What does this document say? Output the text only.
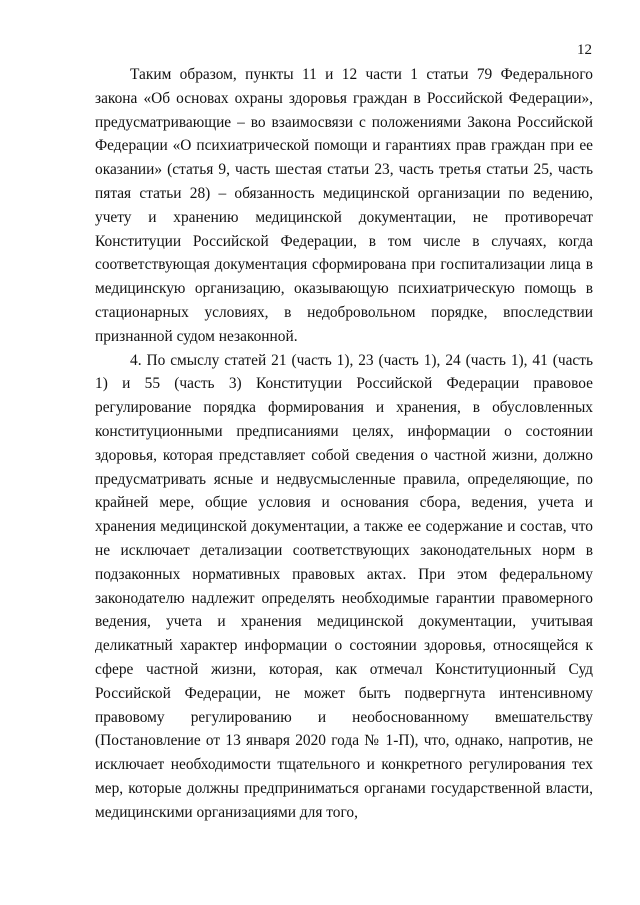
12

Таким образом, пункты 11 и 12 части 1 статьи 79 Федерального закона «Об основах охраны здоровья граждан в Российской Федерации», предусматривающие – во взаимосвязи с положениями Закона Российской Федерации «О психиатрической помощи и гарантиях прав граждан при ее оказании» (статья 9, часть шестая статьи 23, часть третья статьи 25, часть пятая статьи 28) – обязанность медицинской организации по ведению, учету и хранению медицинской документации, не противоречат Конституции Российской Федерации, в том числе в случаях, когда соответствующая документация сформирована при госпитализации лица в медицинскую организацию, оказывающую психиатрическую помощь в стационарных условиях, в недобровольном порядке, впоследствии признанной судом незаконной.

4. По смыслу статей 21 (часть 1), 23 (часть 1), 24 (часть 1), 41 (часть 1) и 55 (часть 3) Конституции Российской Федерации правовое регулирование порядка формирования и хранения, в обусловленных конституционными предписаниями целях, информации о состоянии здоровья, которая представляет собой сведения о частной жизни, должно предусматривать ясные и недвусмысленные правила, определяющие, по крайней мере, общие условия и основания сбора, ведения, учета и хранения медицинской документации, а также ее содержание и состав, что не исключает детализации соответствующих законодательных норм в подзаконных нормативных правовых актах. При этом федеральному законодателю надлежит определять необходимые гарантии правомерного ведения, учета и хранения медицинской документации, учитывая деликатный характер информации о состоянии здоровья, относящейся к сфере частной жизни, которая, как отмечал Конституционный Суд Российской Федерации, не может быть подвергнута интенсивному правовому регулированию и необоснованному вмешательству (Постановление от 13 января 2020 года № 1-П), что, однако, напротив, не исключает необходимости тщательного и конкретного регулирования тех мер, которые должны предприниматься органами государственной власти, медицинскими организациями для того,
